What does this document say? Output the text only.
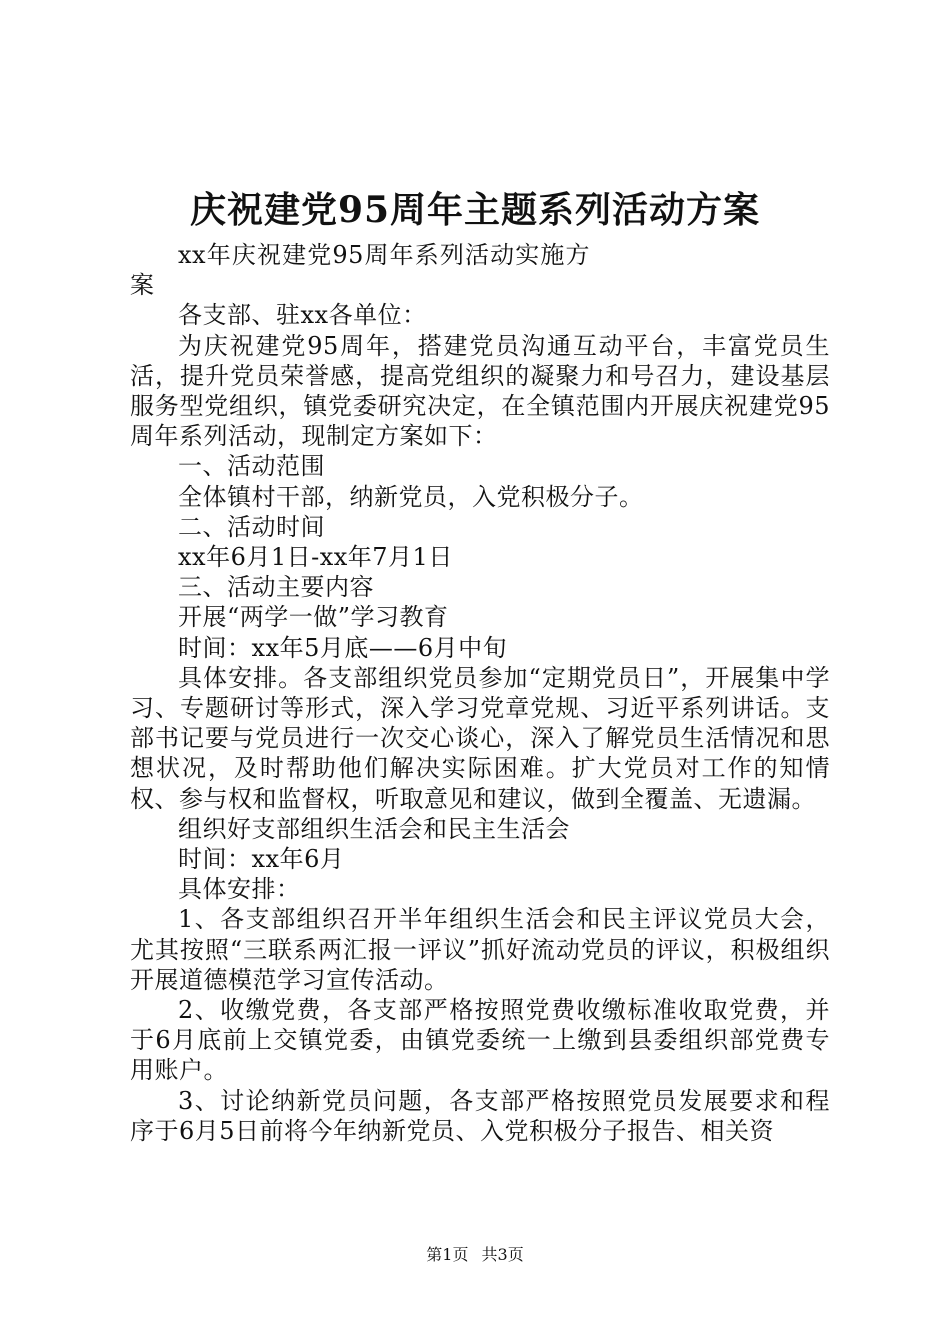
庆祝建党95周年主题系列活动方案

xx年庆祝建党95周年系列活动实施方案

各支部、驻xx各单位：

为庆祝建党95周年，搭建党员沟通互动平台，丰富党员生活，提升党员荣誉感，提高党组织的凝聚力和号召力，建设基层服务型党组织，镇党委研究决定，在全镇范围内开展庆祝建党95周年系列活动，现制定方案如下：

一、活动范围

全体镇村干部，纳新党员，入党积极分子。

二、活动时间

xx年6月1日-xx年7月1日

三、活动主要内容

开展“两学一做”学习教育

时间：xx年5月底——6月中旬

具体安排。各支部组织党员参加“定期党员日”，开展集中学习、专题研讨等形式，深入学习党章党规、习近平系列讲话。支部书记要与党员进行一次交心谈心，深入了解党员生活情况和思想状况，及时帮助他们解决实际困难。扩大党员对工作的知情权、参与权和监督权，听取意见和建议，做到全覆盖、无遗漏。

组织好支部组织生活会和民主生活会

时间：xx年6月

具体安排：

1、各支部组织召开半年组织生活会和民主评议党员大会，尤其按照“三联系两汇报一评议”抓好流动党员的评议，积极组织开展道德模范学习宣传活动。

2、收缴党费，各支部严格按照党费收缴标准收取党费，并于6月底前上交镇党委，由镇党委统一上缴到县委组织部党费专用账户。

3、讨论纳新党员问题，各支部严格按照党员发展要求和程序于6月5日前将今年纳新党员、入党积极分子报告、相关资

第1页 共3页
